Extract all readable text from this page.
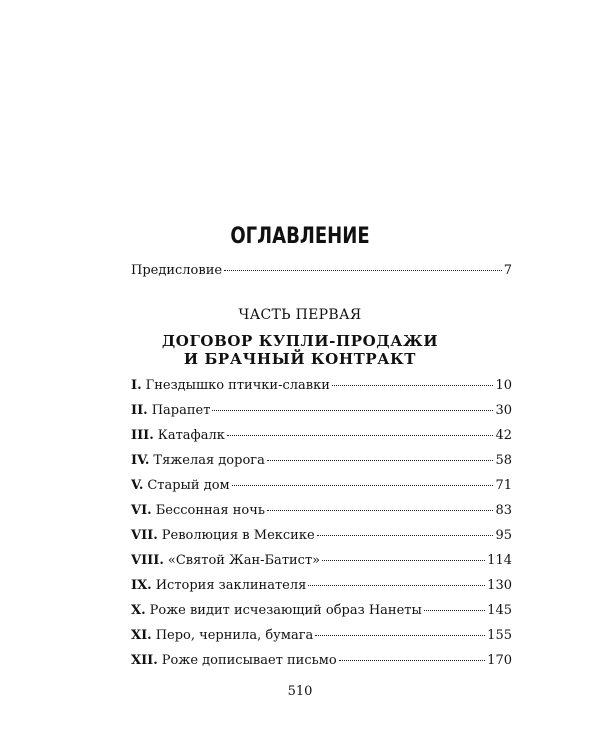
ОГЛАВЛЕНИЕ
Предисловие	7
ЧАСТЬ ПЕРВАЯ
ДОГОВОР КУПЛИ-ПРОДАЖИ
И БРАЧНЫЙ КОНТРАКТ
I. Гнездышко птички-славки	10
II. Парапет	30
III. Катафалк	42
IV. Тяжелая дорога	58
V. Старый дом	71
VI. Бессонная ночь	83
VII. Революция в Мексике	95
VIII. «Святой Жан-Батист»	114
IX. История заклинателя	130
X. Роже видит исчезающий образ Нанеты	145
XI. Перо, чернила, бумага	155
XII. Роже дописывает письмо	170
510
